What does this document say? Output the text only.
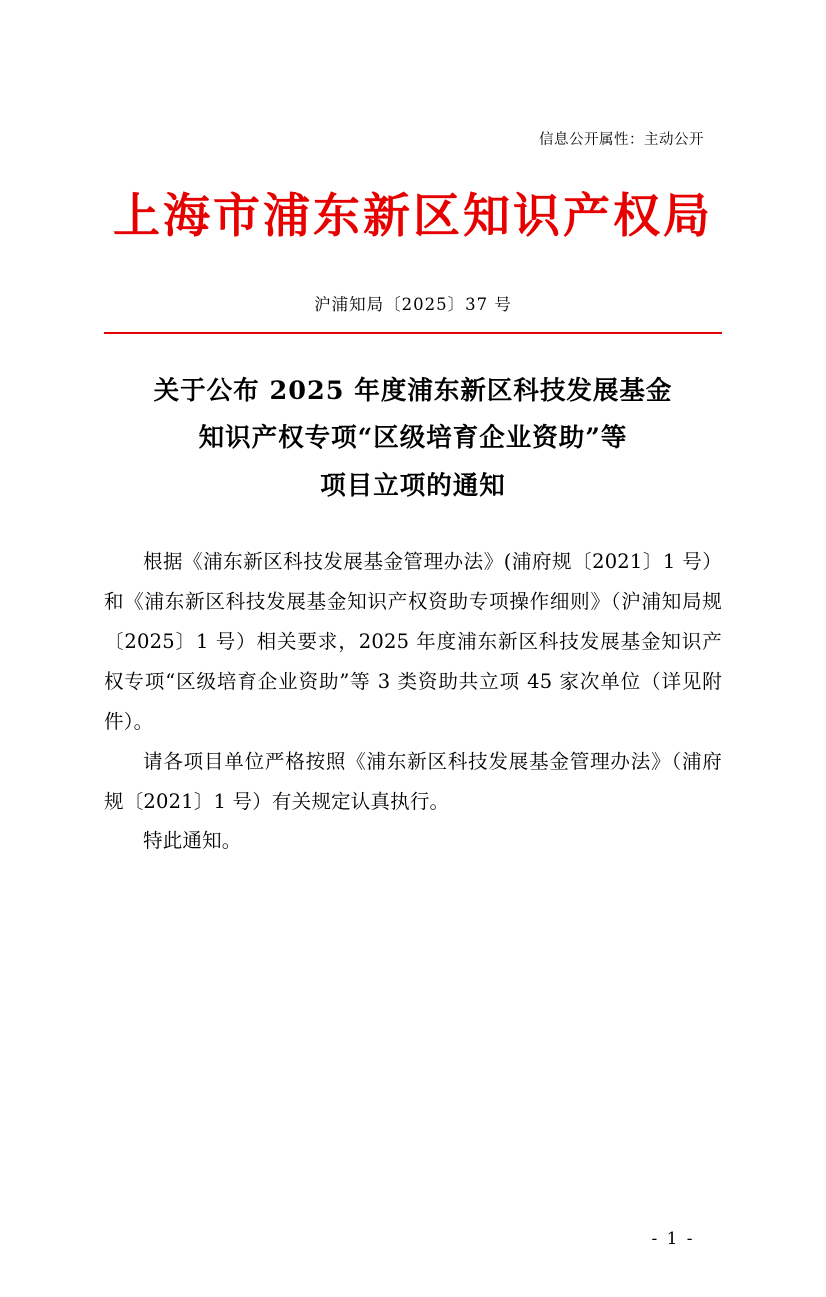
信息公开属性：主动公开
上海市浦东新区知识产权局
沪浦知局〔2025〕37 号
关于公布 2025 年度浦东新区科技发展基金
知识产权专项“区级培育企业资助”等
项目立项的通知

根据《浦东新区科技发展基金管理办法》(浦府规〔2021〕1 号）和《浦东新区科技发展基金知识产权资助专项操作细则》（沪浦知局规〔2025〕1 号）相关要求，2025 年度浦东新区科技发展基金知识产权专项“区级培育企业资助”等 3 类资助共立项 45 家次单位（详见附件）。

请各项目单位严格按照《浦东新区科技发展基金管理办法》（浦府规〔2021〕1 号）有关规定认真执行。

特此通知。

- 1 -
